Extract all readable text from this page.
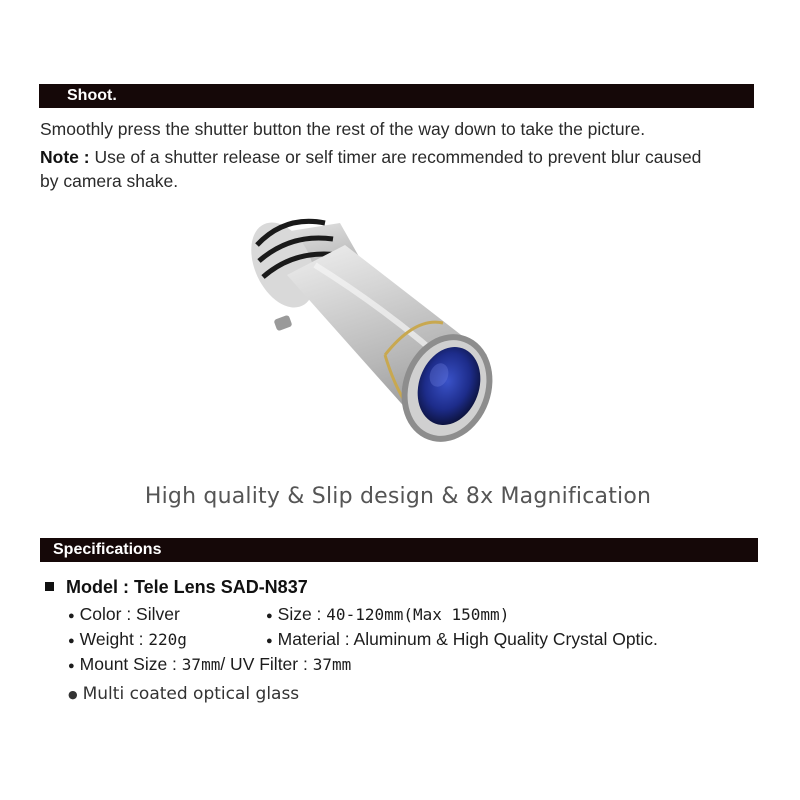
Shoot.
Smoothly press the shutter button the rest of the way down to take the picture.
Note : Use of a shutter release or self timer are recommended to prevent blur caused
by camera shake.
High quality & Slip design & 8x Magnification
Specifications
Model : Tele Lens SAD-N837
● Color : Silver	● Size : 40-120mm(Max 150mm)
● Weight : 220g	● Material : Aluminum & High Quality Crystal Optic.
● Mount Size : 37mm/ UV Filter : 37mm
● Multi coated optical glass
